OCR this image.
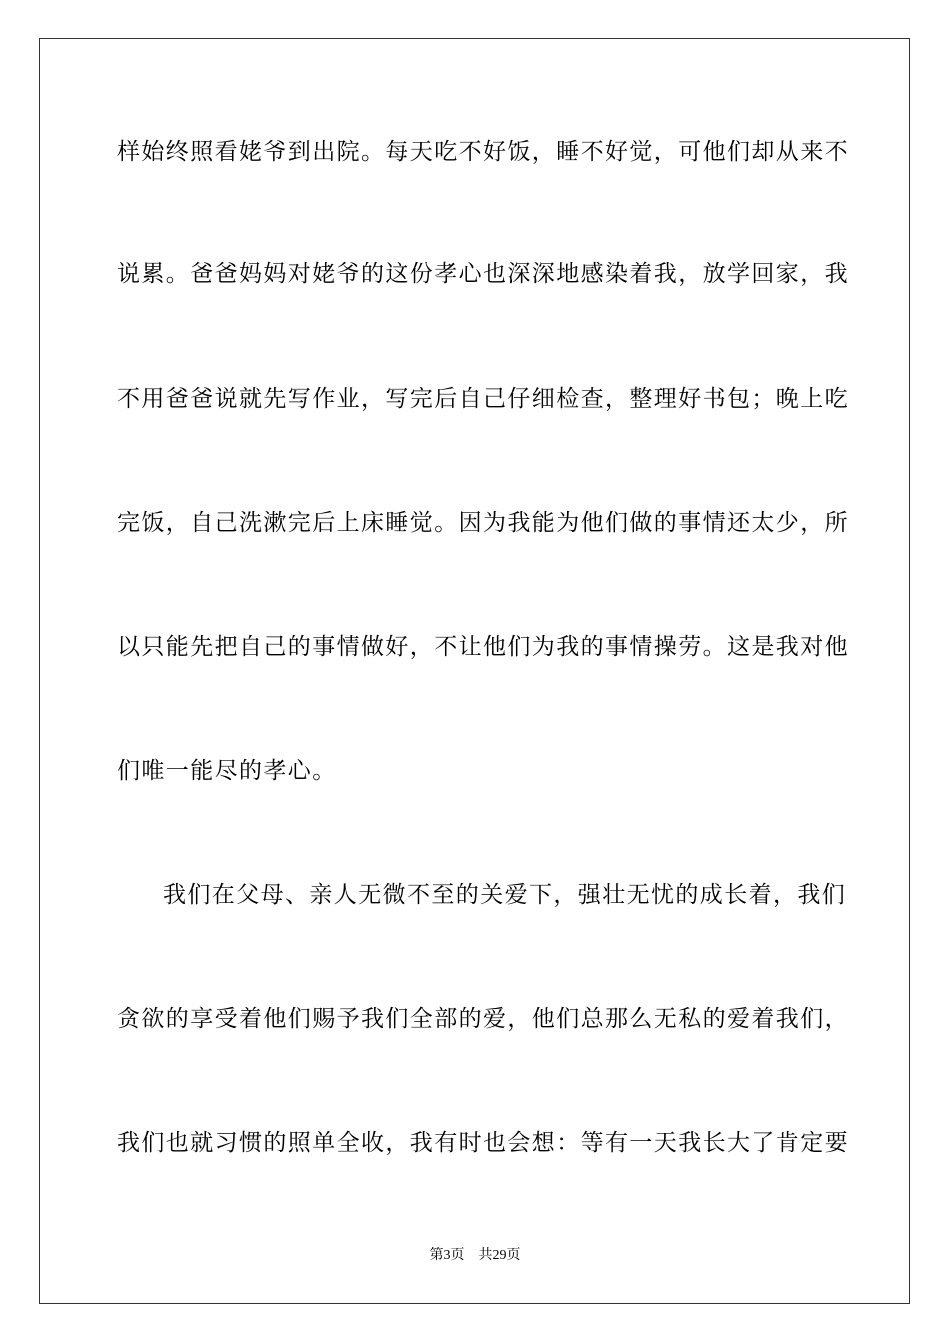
样始终照看姥爷到出院。每天吃不好饭，睡不好觉，可他们却从来不
说累。爸爸妈妈对姥爷的这份孝心也深深地感染着我，放学回家，我
不用爸爸说就先写作业，写完后自己仔细检查，整理好书包；晚上吃
完饭，自己洗漱完后上床睡觉。因为我能为他们做的事情还太少，所
以只能先把自己的事情做好，不让他们为我的事情操劳。这是我对他
们唯一能尽的孝心。
我们在父母、亲人无微不至的关爱下，强壮无忧的成长着，我们
贪欲的享受着他们赐予我们全部的爱，他们总那么无私的爱着我们，
我们也就习惯的照单全收，我有时也会想：等有一天我长大了肯定要
第3页 共29页
